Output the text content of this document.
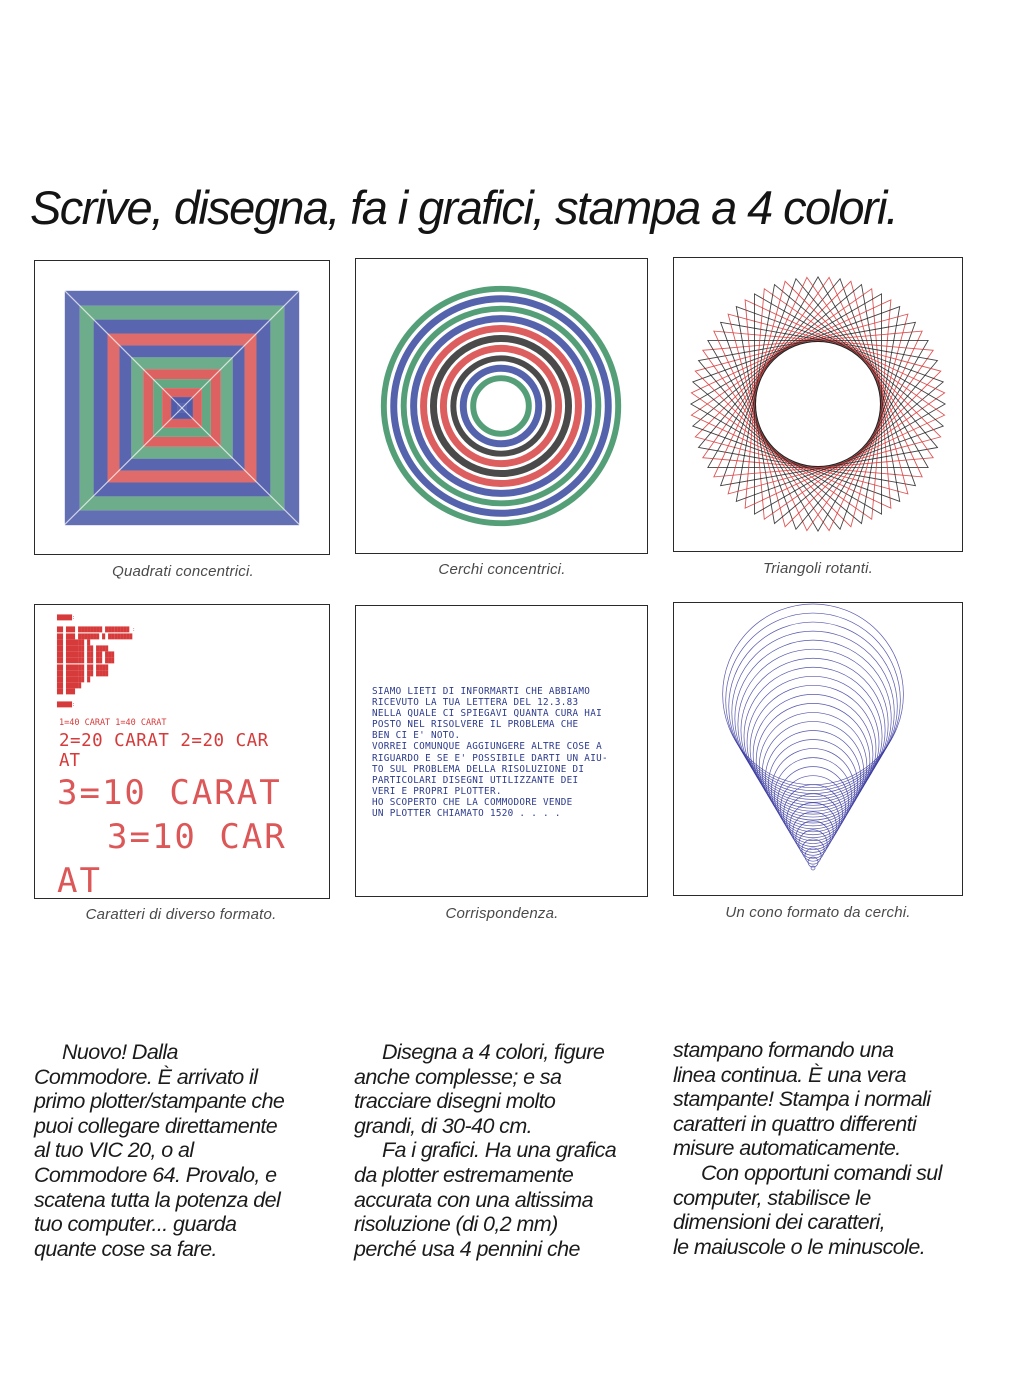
Scrive, disegna, fa i grafici, stampa a 4 colori.
Quadrati concentrici.	Cerchi concentrici.	Triangoli rotanti.
█████:

██ ███ ████████ ████████ :
██ ███ ███████ █ ████████
██ ██████ █
██ ██████ ██ ████
██ ██████ ██ ██ ███
██ ██████ ██ ██ ███
██ ██████ ██ ████
██ ██████ ██ ████
██ ██████ █
██ █████
██ ███

█████:
1=40 CARAT 1=40 CARAT
2=20 CARAT 2=20 CAR
AT
3=10 CARAT
3=10 CAR
AT
Caratteri di diverso formato.
SIAMO LIETI DI INFORMARTI CHE ABBIAMO
RICEVUTO LA TUA LETTERA DEL 12.3.83
NELLA QUALE CI SPIEGAVI QUANTA CURA HAI
POSTO NEL RISOLVERE IL PROBLEMA CHE
BEN CI E' NOTO.
VORREI COMUNQUE AGGIUNGERE ALTRE COSE A
RIGUARDO E SE E' POSSIBILE DARTI UN AIU-
TO SUL PROBLEMA DELLA RISOLUZIONE DI
PARTICOLARI DISEGNI UTILIZZANTE DEI
VERI E PROPRI PLOTTER.
HO SCOPERTO CHE LA COMMODORE VENDE
UN PLOTTER CHIAMATO 1520 . . . .
Corrispondenza.	Un cono formato da cerchi.

Nuovo! Dalla

Commodore. È arrivato il

primo plotter/stampante che

puoi collegare direttamente

al tuo VIC 20, o al

Commodore 64. Provalo, e

scatena tutta la potenza del

tuo computer... guarda

quante cose sa fare.

Disegna a 4 colori, figure

anche complesse; e sa

tracciare disegni molto

grandi, di 30-40 cm.

Fa i grafici. Ha una grafica

da plotter estremamente

accurata con una altissima

risoluzione (di 0,2 mm)

perché usa 4 pennini che

stampano formando una

linea continua. È una vera

stampante! Stampa i normali

caratteri in quattro differenti

misure automaticamente.

Con opportuni comandi sul

computer, stabilisce le

dimensioni dei caratteri,

le maiuscole o le minuscole.
